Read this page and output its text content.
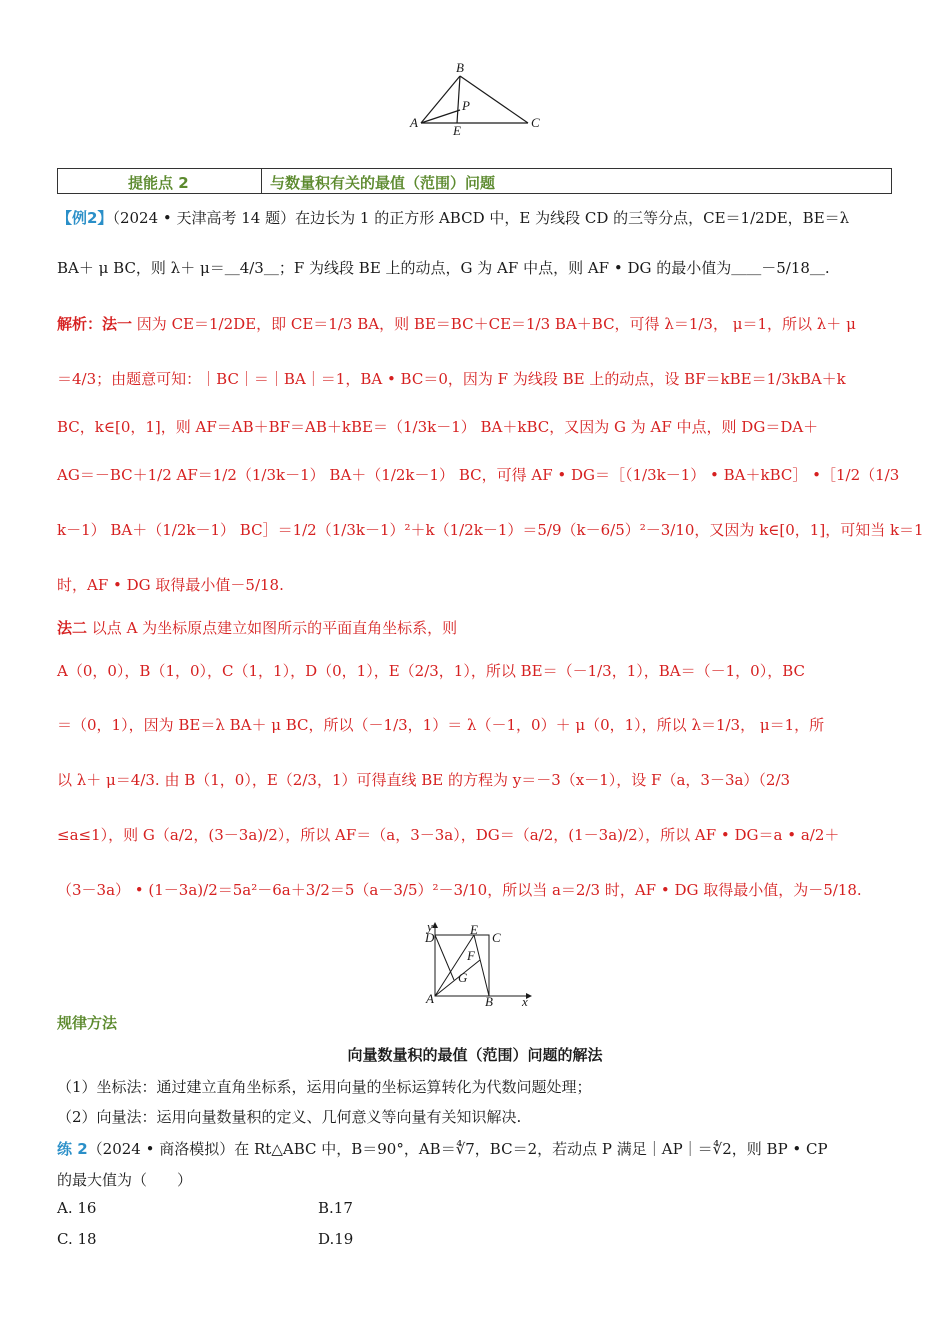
B
P
A
E
C
提能点 2	与数量积有关的最值（范围）问题
【例2】（2024 • 天津高考 14 题）在边长为 1 的正方形 ABCD 中，E 为线段 CD 的三等分点，CE＝1/2DE，BE＝λ
BA＋ μ BC，则 λ＋ μ＝＿4/3＿；F 为线段 BE 上的动点，G 为 AF 中点，则 AF • DG 的最小值为＿＿－5/18＿.
解析：法一 因为 CE＝1/2DE，即 CE＝1/3 BA，则 BE＝BC＋CE＝1/3 BA＋BC，可得 λ＝1/3， μ＝1，所以 λ＋ μ
＝4/3；由题意可知：｜BC｜＝｜BA｜＝1，BA • BC＝0，因为 F 为线段 BE 上的动点，设 BF＝kBE＝1/3kBA＋k
BC，k∈[0，1]，则 AF＝AB＋BF＝AB＋kBE＝（1/3k－1） BA＋kBC，又因为 G 为 AF 中点，则 DG＝DA＋
AG＝－BC＋1/2 AF＝1/2（1/3k－1） BA＋（1/2k－1） BC，可得 AF • DG＝［（1/3k－1） • BA＋kBC］ •［1/2（1/3
k－1） BA＋（1/2k－1） BC］＝1/2（1/3k－1）²＋k（1/2k－1）＝5/9（k－6/5）²－3/10，又因为 k∈[0，1]，可知当 k＝1
时，AF • DG 取得最小值－5/18.
法二 以点 A 为坐标原点建立如图所示的平面直角坐标系，则
A（0，0），B（1，0），C（1，1），D（0，1），E（2/3，1），所以 BE＝（－1/3，1），BA＝（－1，0），BC
＝（0，1），因为 BE＝λ BA＋ μ BC，所以（－1/3，1）＝ λ（－1，0）＋ μ（0，1），所以 λ＝1/3， μ＝1，所
以 λ＋ μ＝4/3. 由 B（1，0），E（2/3，1）可得直线 BE 的方程为 y＝－3（x－1），设 F（a，3－3a）（2/3
≤a≤1），则 G（a/2，(3－3a)/2），所以 AF＝（a，3－3a），DG＝（a/2，(1－3a)/2），所以 AF • DG＝a • a/2＋
（3－3a） • (1－3a)/2＝5a²－6a＋3/2＝5（a－3/5）²－3/10，所以当 a＝2/3 时，AF • DG 取得最小值，为－5/18.
y
D
E
C
F
G
A	B x
规律方法
向量数量积的最值（范围）问题的解法
（1）坐标法：通过建立直角坐标系，运用向量的坐标运算转化为代数问题处理；
（2）向量法：运用向量数量积的定义、几何意义等向量有关知识解决.
练 2（2024 • 商洛模拟）在 Rt△ABC 中，B＝90°，AB＝∜7，BC＝2，若动点 P 满足｜AP｜＝∜2，则 BP • CP
的最大值为（　　）
A. 16	B.17
C. 18	D.19
